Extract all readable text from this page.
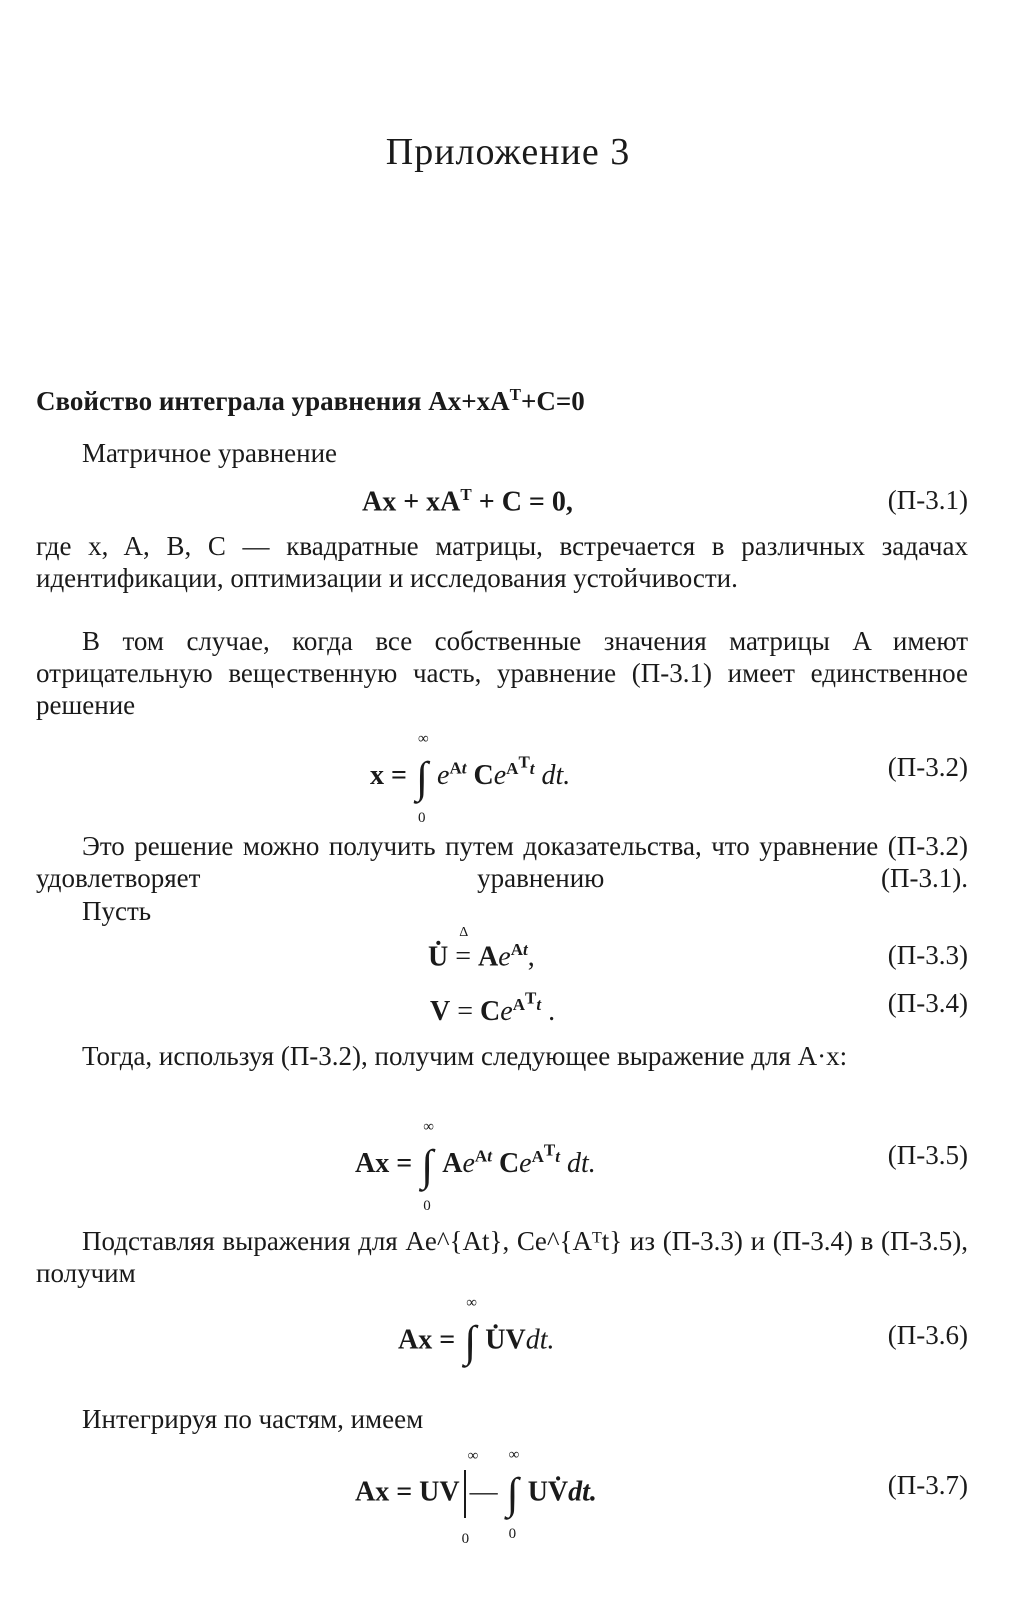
Приложение 3
Свойство интеграла уравнения $Ax+xA^T+C=0$
Матричное уравнение
$Ax + xA^T + C = 0$,	(П-3.1)
где x, A, B, C — квадратные матрицы, встречается в различных задачах идентификации, оптимизации и исследования устойчивости.
В том случае, когда все собственные значения матрицы A имеют отрицательную вещественную часть, уравнение (П-3.1) имеет единственное решение
x = ∫
∞
0
$e^{At}$ $Ce^{A^Tt}$ dt.	(П-3.2)
Это решение можно получить путем доказательства, что уравнение (П-3.2) удовлетворяет уравнению (П-3.1).
Пусть
U̇ =
Δ
$Ae^{At}$,	(П-3.3)
$V = Ce^{A^Tt}$ .	(П-3.4)
Тогда, используя (П-3.2), получим следующее выражение для A·x:
Ax = ∫
∞
0
$Ae^{At}$ $Ce^{A^Tt}$ dt.	(П-3.5)
Подставляя выражения для Ae^{At}, Ce^{Aᵀt} из (П-3.3) и (П-3.4) в (П-3.5), получим
Ax = ∫
∞
U̇Vdt.	(П-3.6)
Интегрируя по частям, имеем
Ax = UV
∞
0
— ∫
∞
0
UV̇dt.	(П-3.7)
